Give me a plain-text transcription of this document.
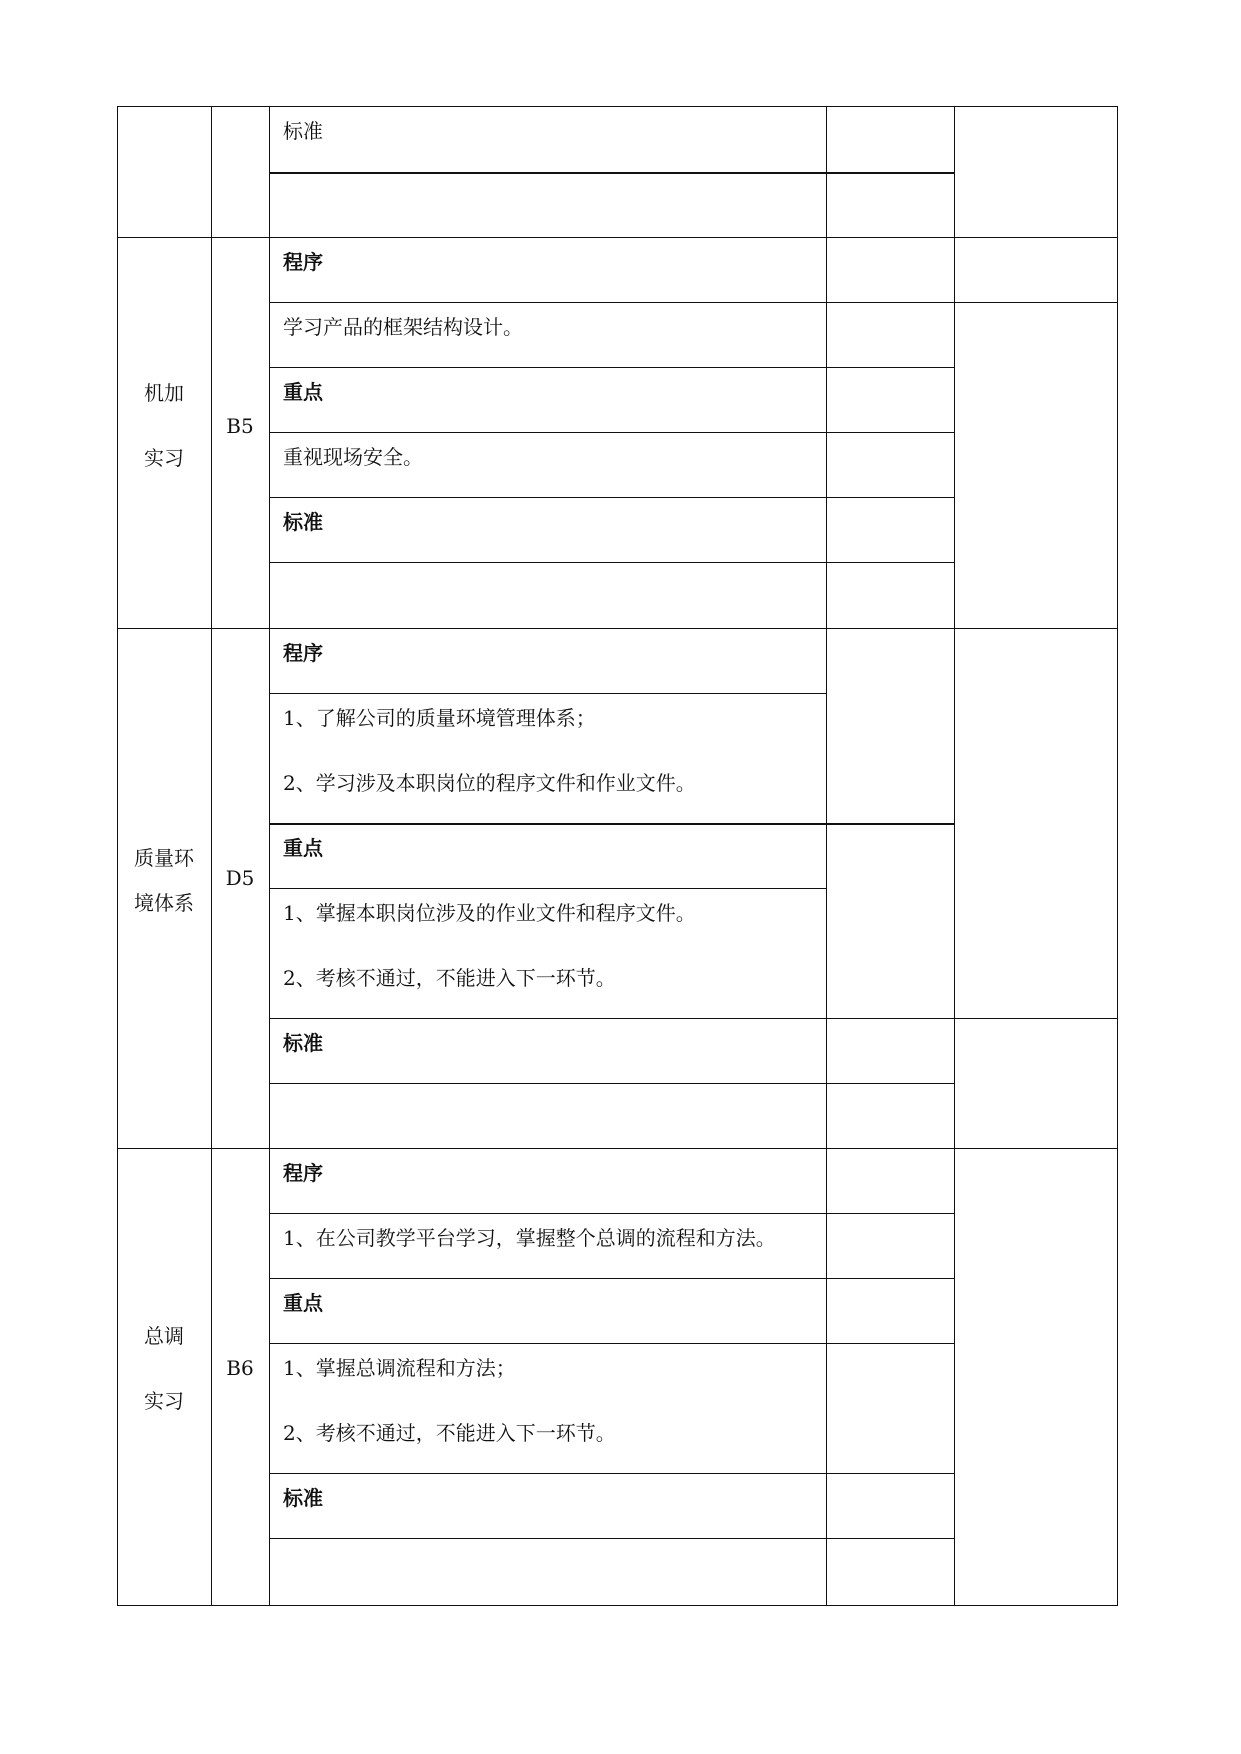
标准
机加
实习
B5
程序
学习产品的框架结构设计。
重点
重视现场安全。
标准
质量环
境体系
D5
程序
1、了解公司的质量环境管理体系；
2、学习涉及本职岗位的程序文件和作业文件。
重点
1、掌握本职岗位涉及的作业文件和程序文件。
2、考核不通过，不能进入下一环节。
标准
总调
实习
B6
程序
1、在公司教学平台学习，掌握整个总调的流程和方法。
重点
1、掌握总调流程和方法；
2、考核不通过，不能进入下一环节。
标准
